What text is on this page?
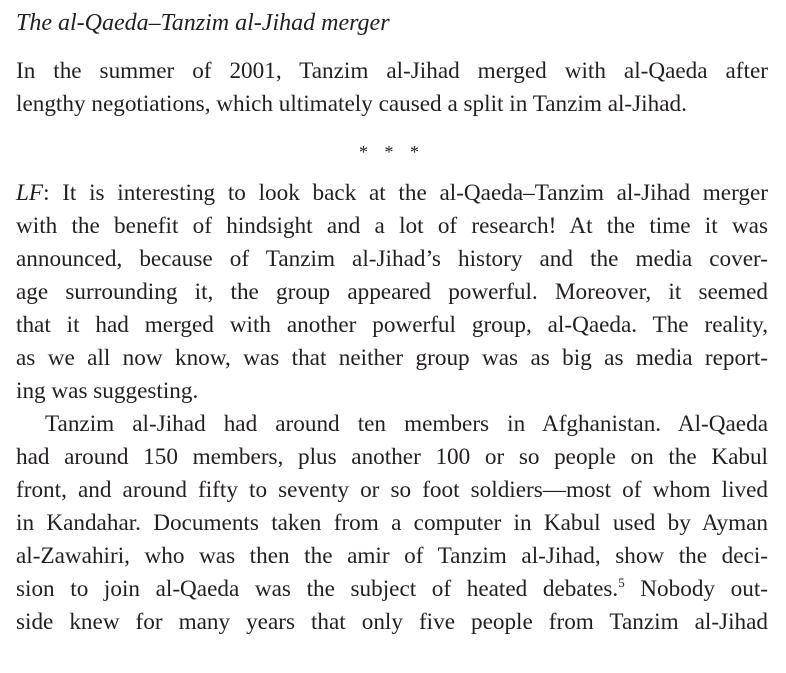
The al-Qaeda–Tanzim al-Jihad merger
In the summer of 2001, Tanzim al-Jihad merged with al-Qaeda after
lengthy negotiations, which ultimately caused a split in Tanzim al-Jihad.
* * *
LF: It is interesting to look back at the al-Qaeda–Tanzim al-Jihad merger
with the benefit of hindsight and a lot of research! At the time it was
announced, because of Tanzim al-Jihad’s history and the media cover-
age surrounding it, the group appeared powerful. Moreover, it seemed
that it had merged with another powerful group, al-Qaeda. The reality,
as we all now know, was that neither group was as big as media report-
ing was suggesting.
Tanzim al-Jihad had around ten members in Afghanistan. Al-Qaeda
had around 150 members, plus another 100 or so people on the Kabul
front, and around fifty to seventy or so foot soldiers—most of whom lived
in Kandahar. Documents taken from a computer in Kabul used by Ayman
al-Zawahiri, who was then the amir of Tanzim al-Jihad, show the deci-
sion to join al-Qaeda was the subject of heated debates.$^5$ Nobody out-
side knew for many years that only five people from Tanzim al-Jihad
